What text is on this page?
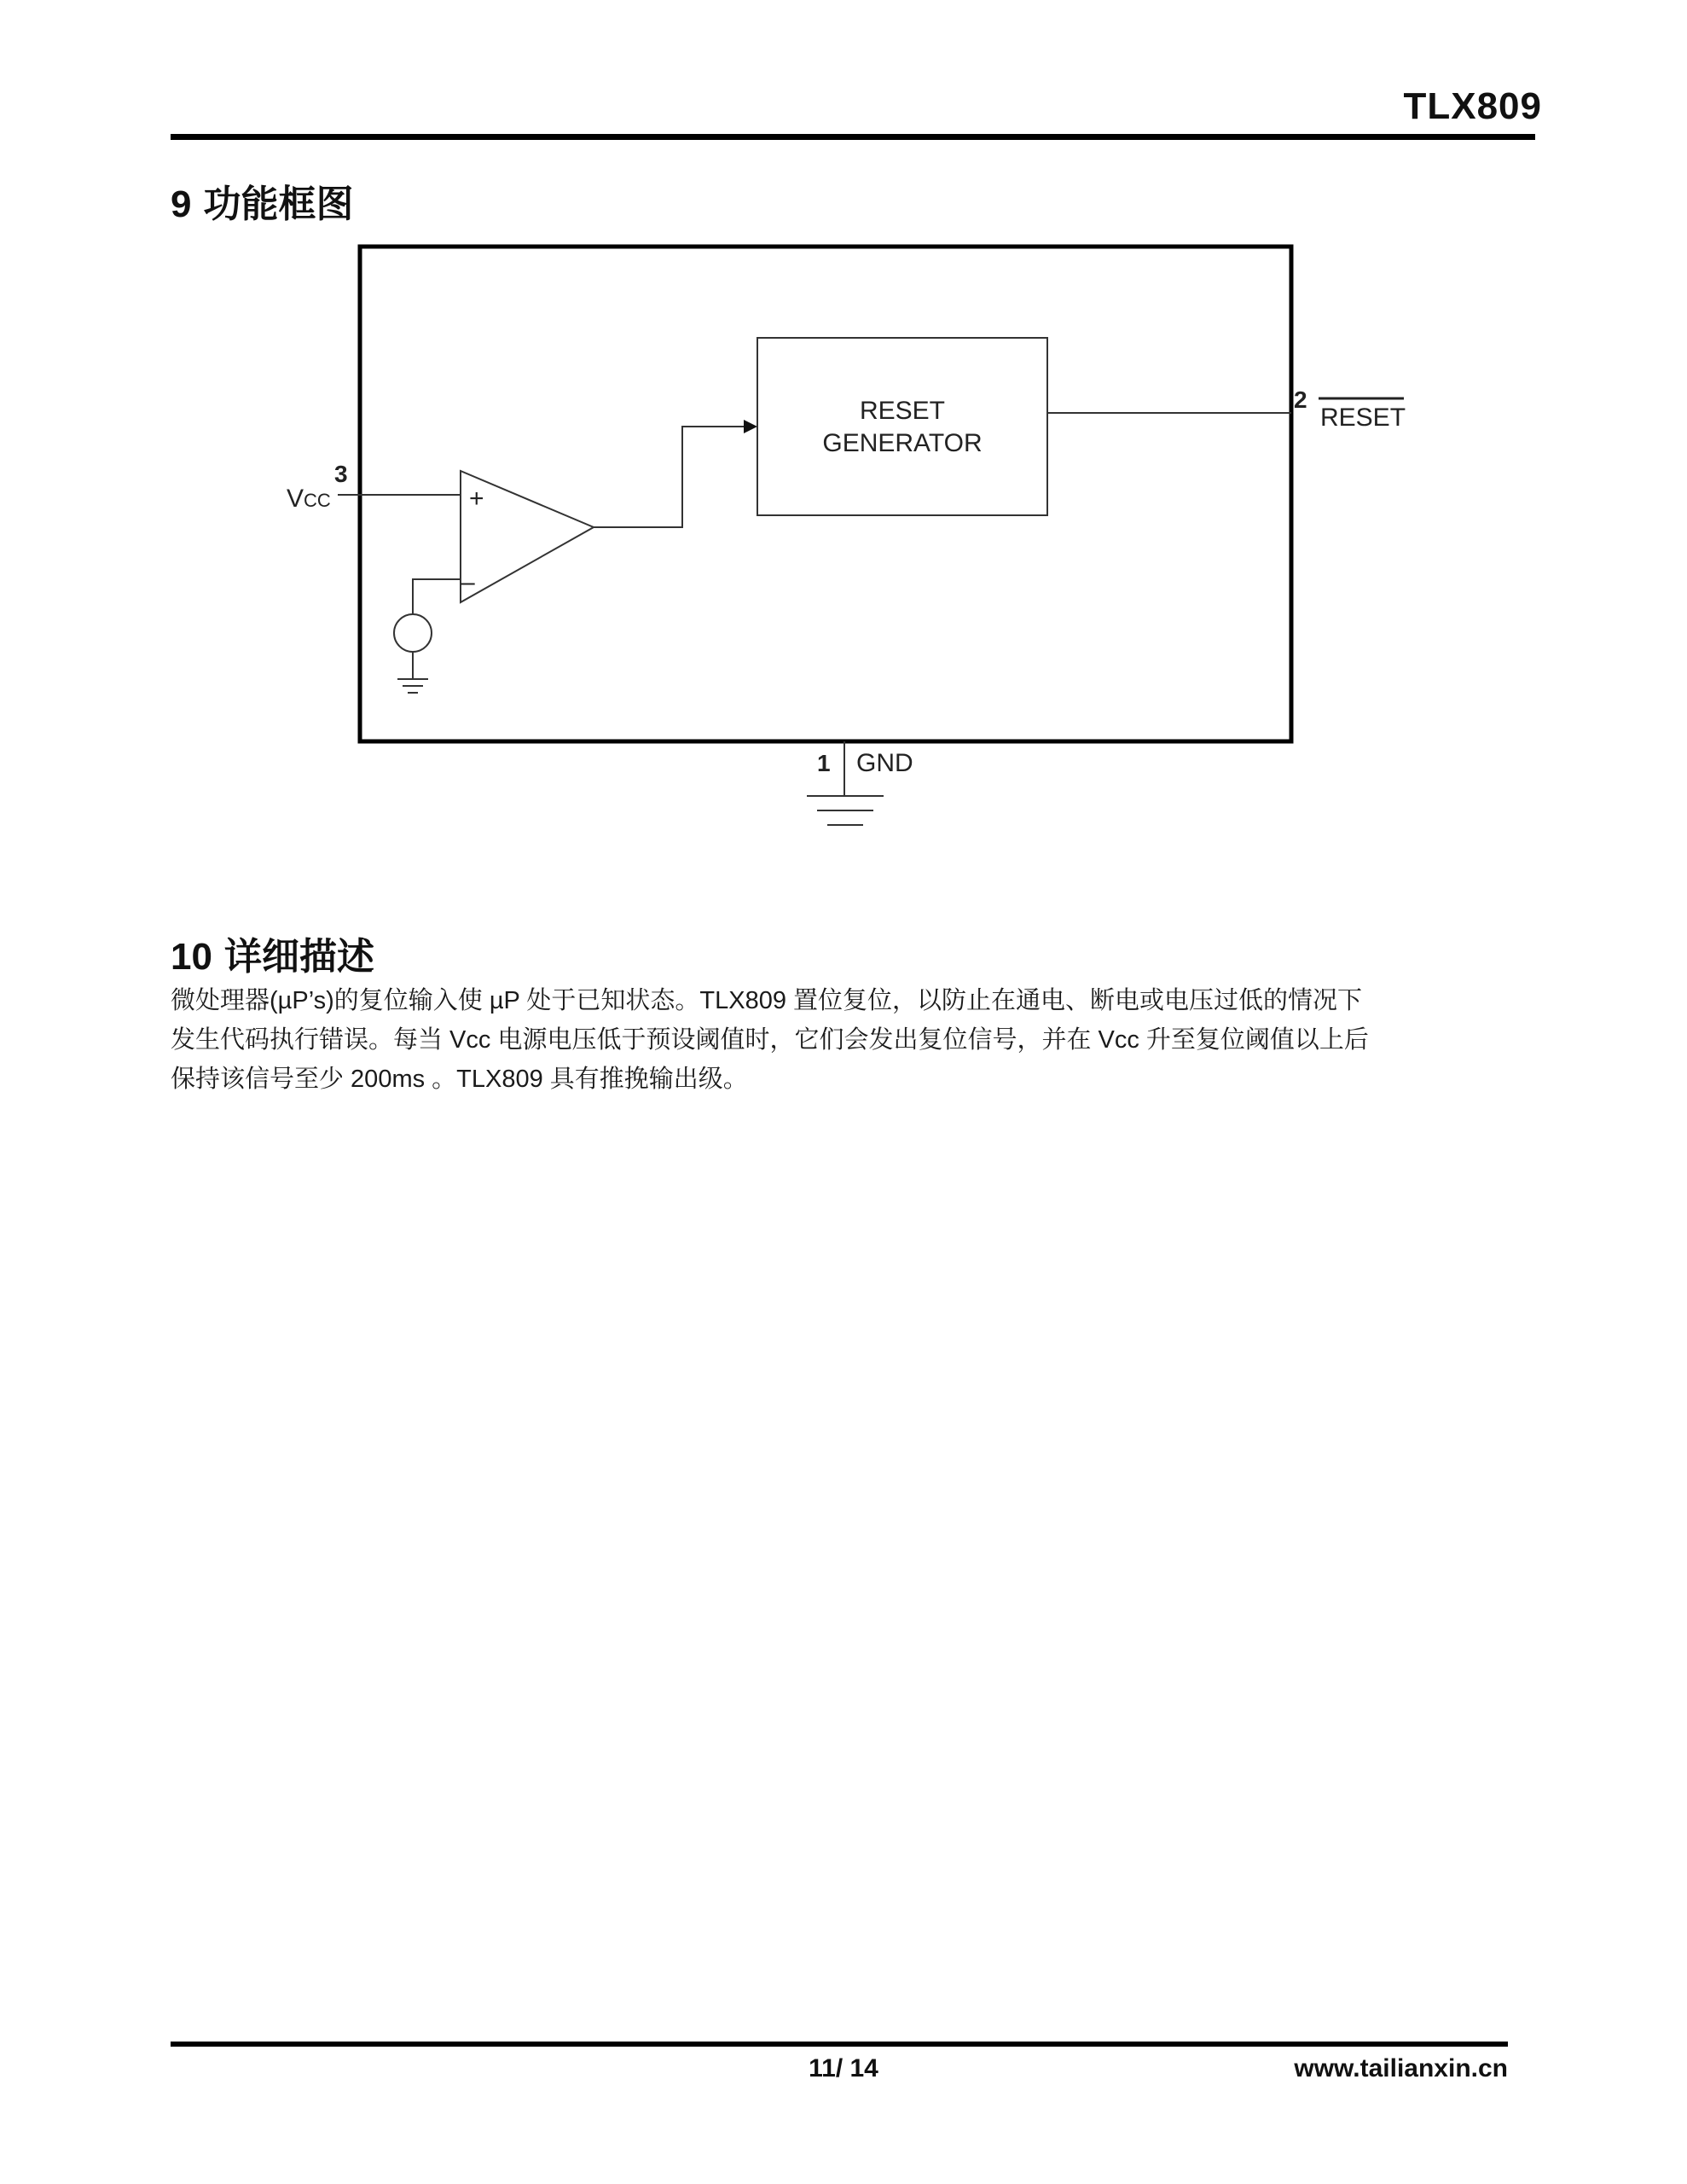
TLX809
9 功能框图
RESET
GENERATOR
+
–
3
VCC
2
RESET
1 GND
10 详细描述

微处理器(µP’s)的复位输入使 µP 处于已知状态。TLX809 置位复位，以防止在通电、断电或电压过低的情况下

发生代码执行错误。每当 Vcc 电源电压低于预设阈值时，它们会发出复位信号，并在 Vcc 升至复位阈值以上后

保持该信号至少 200ms 。TLX809 具有推挽输出级。

11/ 14	www.tailianxin.cn
